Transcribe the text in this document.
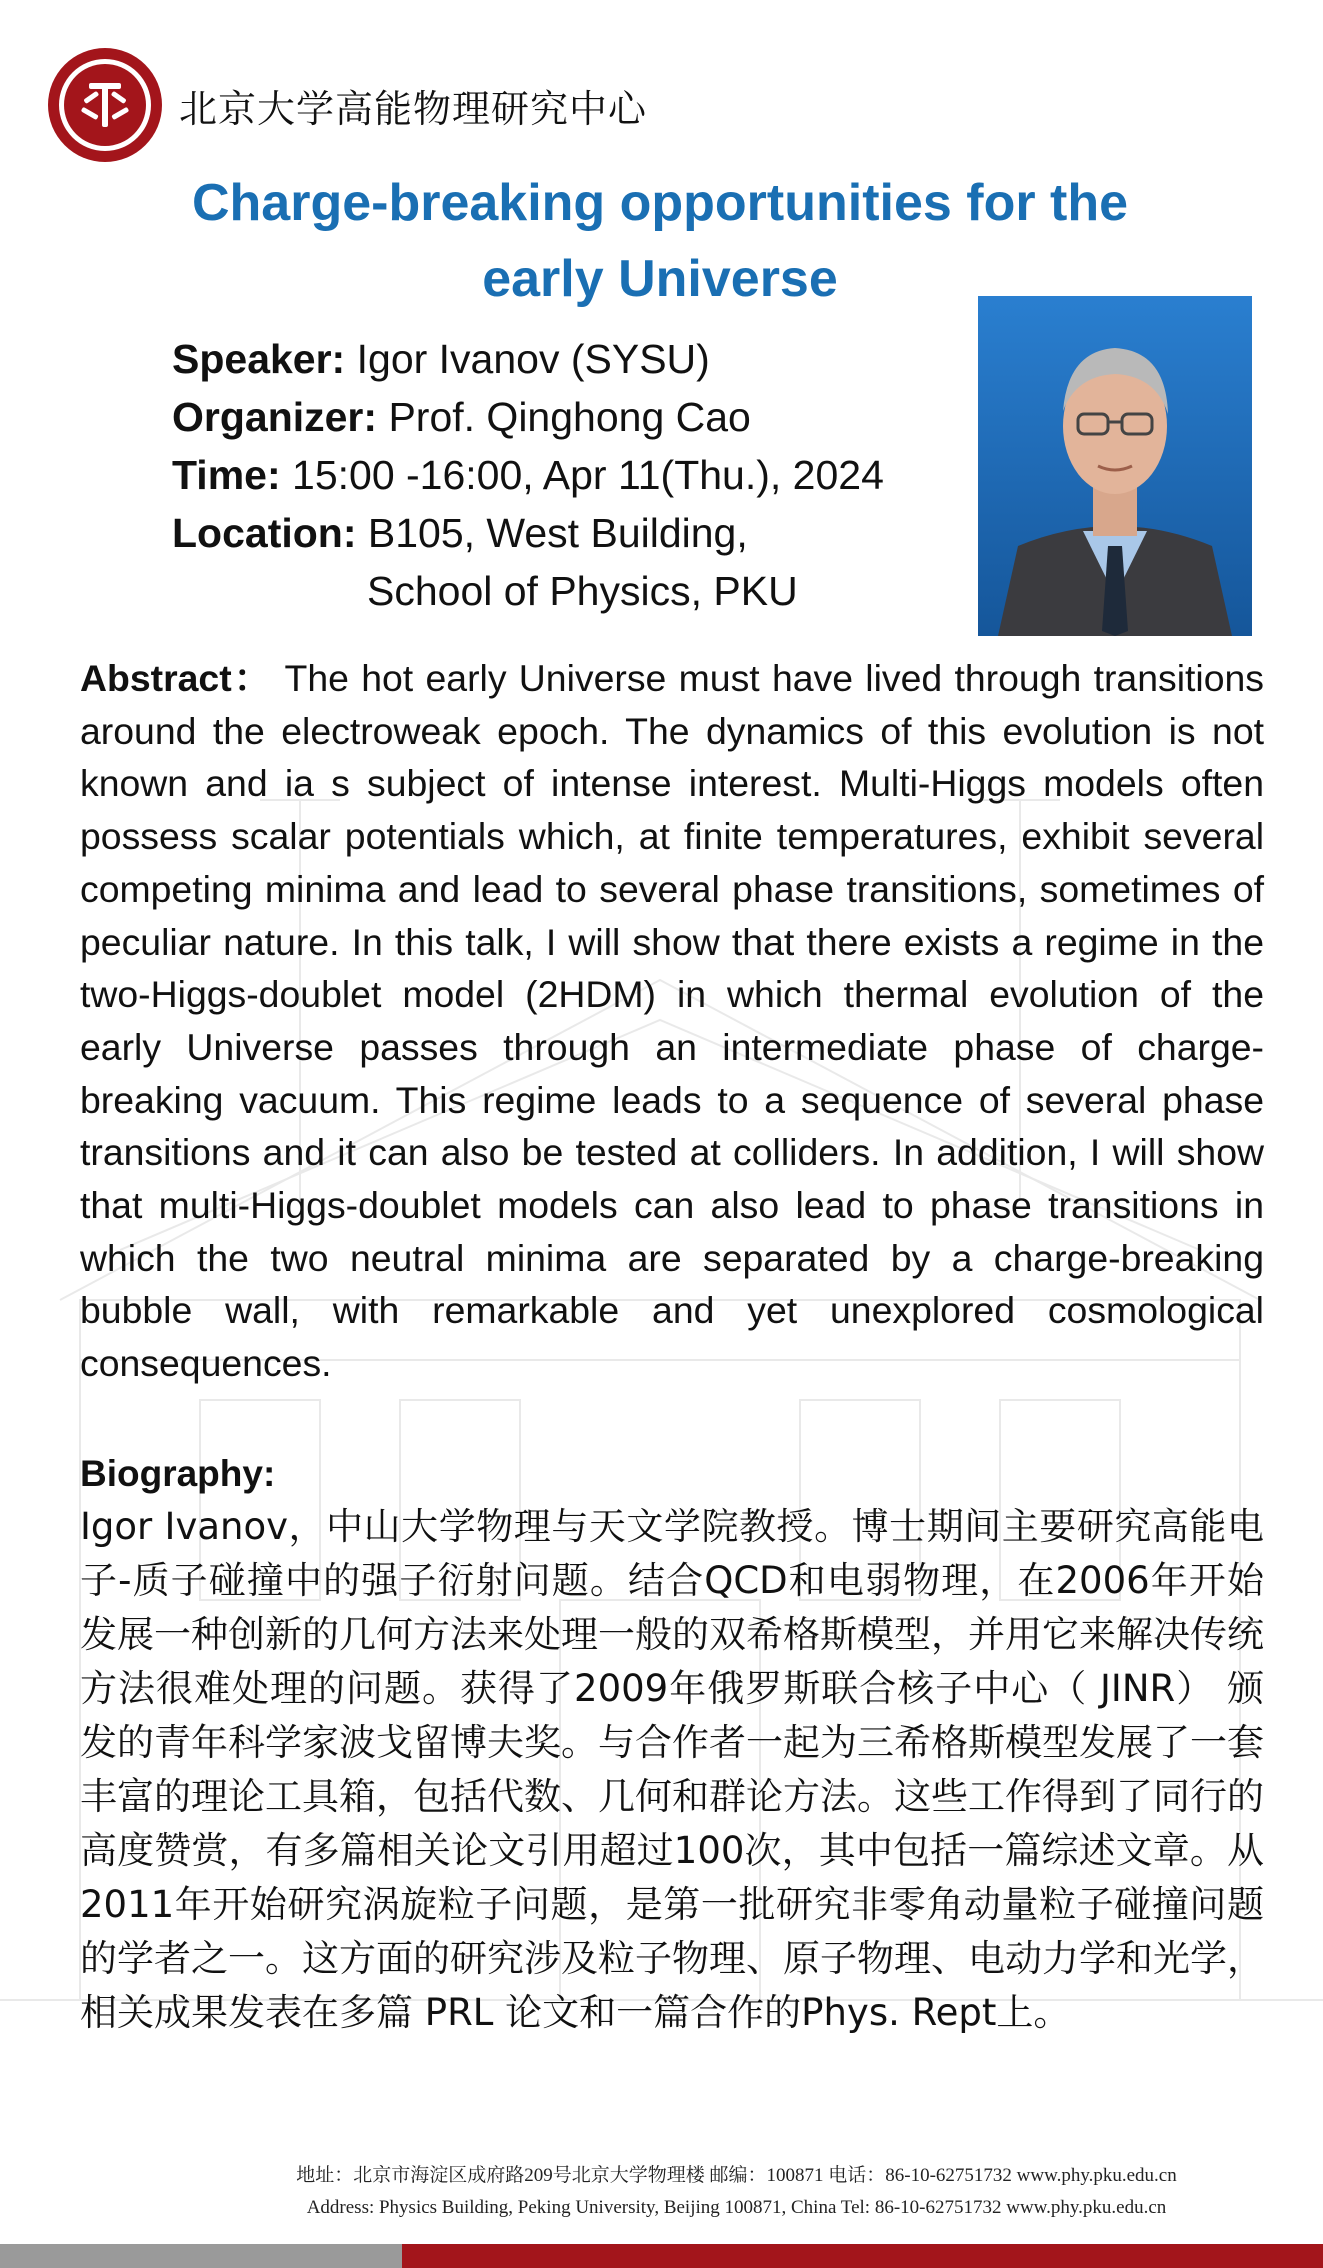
北京大学高能物理研究中心
Charge-breaking opportunities for the
early Universe
Speaker: Igor Ivanov (SYSU)
Organizer: Prof. Qinghong Cao
Time: 15:00 -16:00, Apr 11(Thu.), 2024
Location: B105, West Building,
School of Physics, PKU
Abstract： The hot early Universe must have lived through transitions around the electroweak epoch. The dynamics of this evolution is not known and ia s subject of intense interest. Multi-Higgs models often possess scalar potentials which, at finite temperatures, exhibit several competing minima and lead to several phase transitions, sometimes of peculiar nature. In this talk, I will show that there exists a regime in the two-Higgs-doublet model (2HDM) in which thermal evolution of the early Universe passes through an intermediate phase of charge-breaking vacuum. This regime leads to a sequence of several phase transitions and it can also be tested at colliders. In addition, I will show that multi-Higgs-doublet models can also lead to phase transitions in which the two neutral minima are separated by a charge-breaking bubble wall, with remarkable and yet unexplored cosmological consequences.
Biography:
Igor Ivanov，中山大学物理与天文学院教授。博士期间主要研究高能电子-质子碰撞中的强子衍射问题。结合QCD和电弱物理，在2006年开始发展一种创新的几何方法来处理一般的双希格斯模型，并用它来解决传统方法很难处理的问题。获得了2009年俄罗斯联合核子中心（ JINR） 颁发的青年科学家波戈留博夫奖。与合作者一起为三希格斯模型发展了一套丰富的理论工具箱，包括代数、几何和群论方法。这些工作得到了同行的高度赞赏，有多篇相关论文引用超过100次，其中包括一篇综述文章。从2011年开始研究涡旋粒子问题，是第一批研究非零角动量粒子碰撞问题的学者之一。这方面的研究涉及粒子物理、原子物理、电动力学和光学，相关成果发表在多篇 PRL 论文和一篇合作的Phys. Rept上。
地址：北京市海淀区成府路209号北京大学物理楼 邮编：100871 电话：86-10-62751732 www.phy.pku.edu.cn
Address: Physics Building, Peking University, Beijing 100871, China Tel: 86-10-62751732 www.phy.pku.edu.cn
